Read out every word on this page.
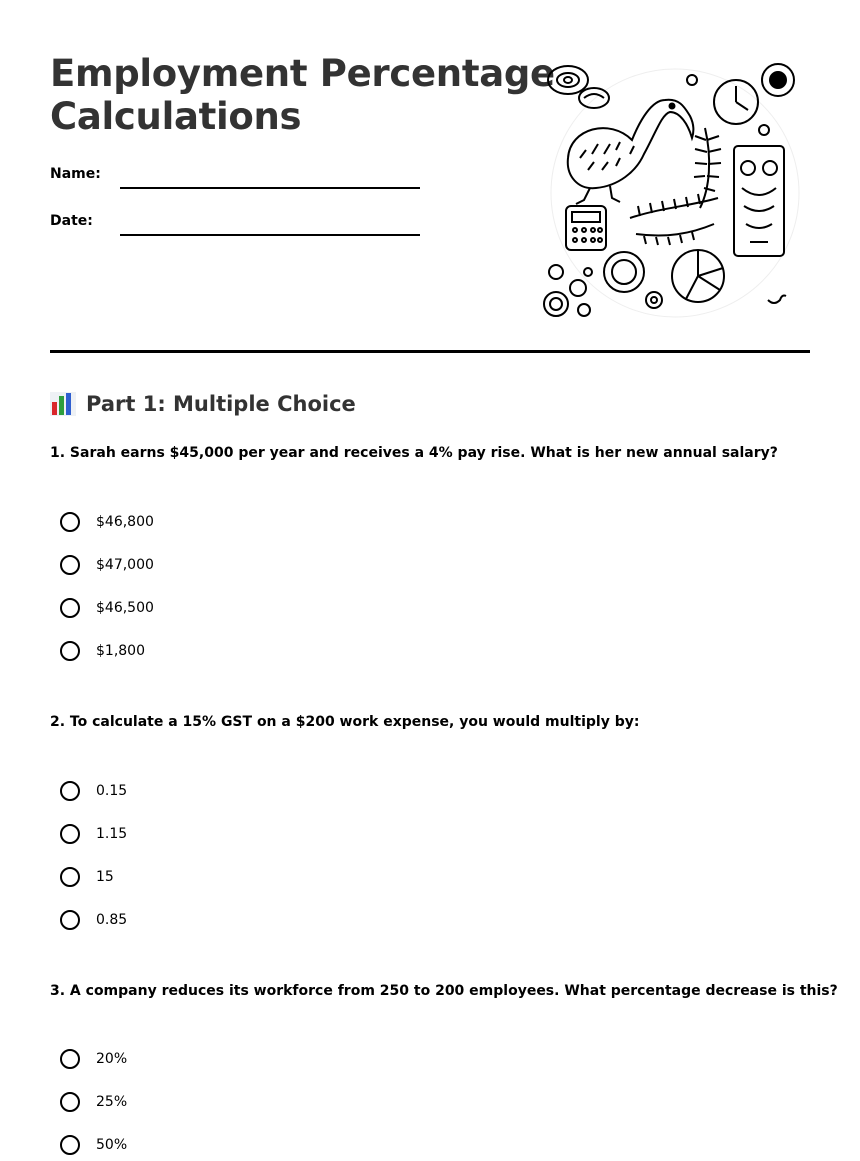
Employment Percentage
Calculations
Name:
Date:
Part 1: Multiple Choice

1. Sarah earns $45,000 per year and receives a 4% pay rise. What is her new annual salary?

$46,800
$47,000
$46,500
$1,800

2. To calculate a 15% GST on a $200 work expense, you would multiply by:

0.15
1.15
15
0.85

3. A company reduces its workforce from 250 to 200 employees. What percentage decrease is this?

20%
25%
50%
